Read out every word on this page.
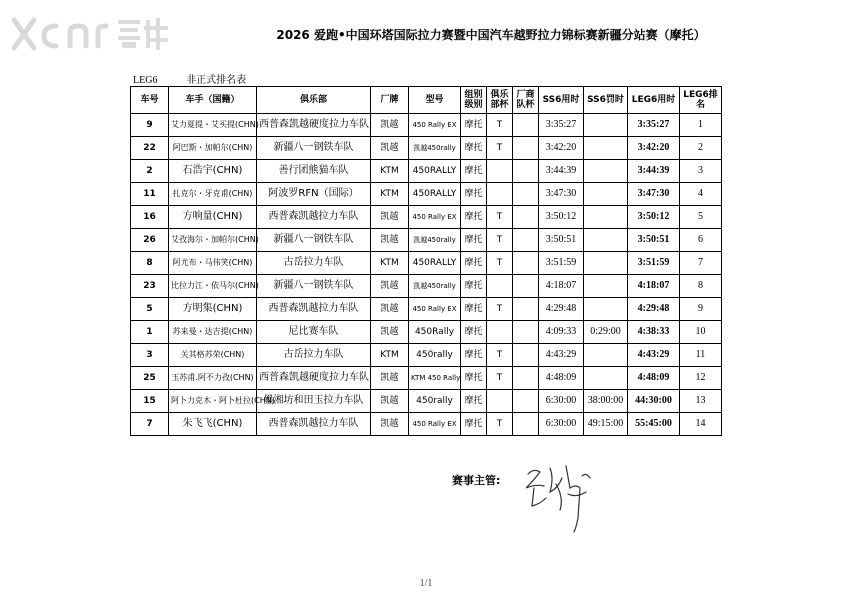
2026 爱跑•中国环塔国际拉力赛暨中国汽车越野拉力锦标赛新疆分站赛（摩托）
LEG6	非正式排名表
车号	车手（国籍）	俱乐部	厂牌	型号	组别级别	俱乐部杯	厂商队杯	SS6用时	SS6罚时	LEG6用时	LEG6排名
9	艾力夏提・艾买提(CHN)	西普森凯越硬度拉力车队	凯越	450 Rally EX	摩托	T		3:35:27		3:35:27	1
22	阿巴斯・加帕尔(CHN)	新疆八一钢铁车队	凯越	凯越450rally	摩托	T		3:42:20		3:42:20	2
2	石浩宇(CHN)	善行团熊猫车队	KTM	450RALLY	摩托			3:44:39		3:44:39	3
11	扎克尔・牙克甫(CHN)	阿波罗RFN（国际）	KTM	450RALLY	摩托			3:47:30		3:47:30	4
16	方响量(CHN)	西普森凯越拉力车队	凯越	450 Rally EX	摩托	T		3:50:12		3:50:12	5
26	艾孜海尔・加帕尔(CHN)	新疆八一钢铁车队	凯越	凯越450rally	摩托	T		3:50:51		3:50:51	6
8	阿尤布・马伟笑(CHN)	古岳拉力车队	KTM	450RALLY	摩托	T		3:51:59		3:51:59	7
23	比拉力江・依马尔(CHN)	新疆八一钢铁车队	凯越	凯越450rally	摩托			4:18:07		4:18:07	8
5	方明集(CHN)	西普森凯越拉力车队	凯越	450 Rally EX	摩托	T		4:29:48		4:29:48	9
1	苏来曼・达吉提(CHN)	尼比赛车队	凯越	450Rally	摩托			4:09:33	0:29:00	4:38:33	10
3	关其格苏荣(CHN)	古岳拉力车队	KTM	450rally	摩托	T		4:43:29		4:43:29	11
25	玉苏甫.阿不力孜(CHN)	西普森凯越硬度拉力车队	凯越	KTM 450 Rally	摩托	T		4:48:09		4:48:09	12
15	阿卜力克木・阿卜杜拉(CHN)	墨湘坊和田玉拉力车队	凯越	450rally	摩托			6:30:00	38:00:00	44:30:00	13
7	朱飞飞(CHN)	西普森凯越拉力车队	凯越	450 Rally EX	摩托	T		6:30:00	49:15:00	55:45:00	14
赛事主管:
1/1
